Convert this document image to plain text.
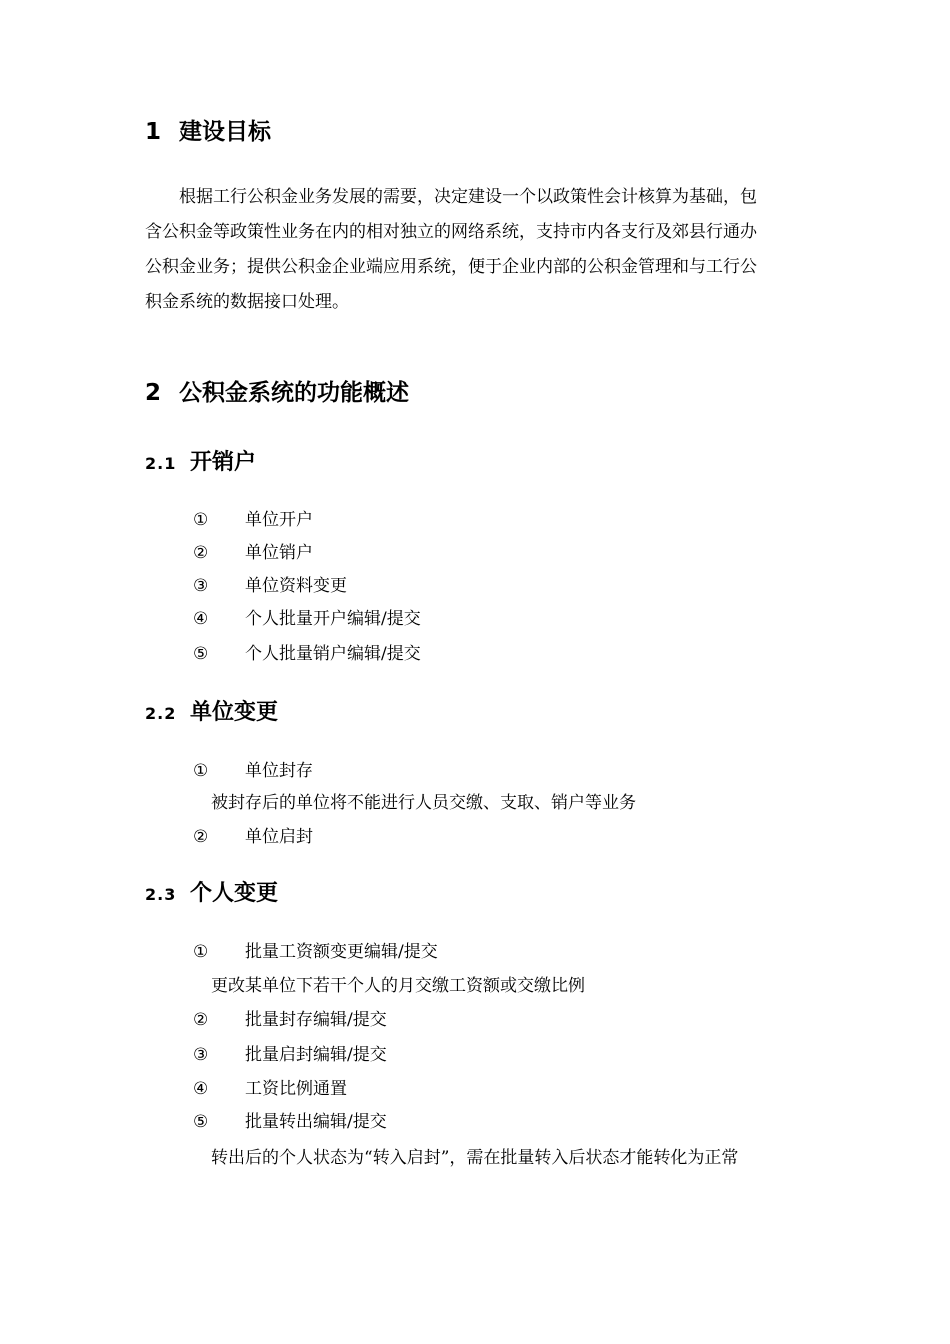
1 建设目标

根据工行公积金业务发展的需要，决定建设一个以政策性会计核算为基础，包含公积金等政策性业务在内的相对独立的网络系统，支持市内各支行及郊县行通办公积金业务；提供公积金企业端应用系统，便于企业内部的公积金管理和与工行公积金系统的数据接口处理。

2 公积金系统的功能概述
2.1 开销户
① 单位开户
② 单位销户
③ 单位资料变更
④ 个人批量开户编辑/提交
⑤ 个人批量销户编辑/提交
2.2 单位变更
① 单位封存

被封存后的单位将不能进行人员交缴、支取、销户等业务

② 单位启封
2.3 个人变更
① 批量工资额变更编辑/提交

更改某单位下若干个人的月交缴工资额或交缴比例

② 批量封存编辑/提交
③ 批量启封编辑/提交
④ 工资比例通置
⑤ 批量转出编辑/提交

转出后的个人状态为“转入启封”，需在批量转入后状态才能转化为正常
